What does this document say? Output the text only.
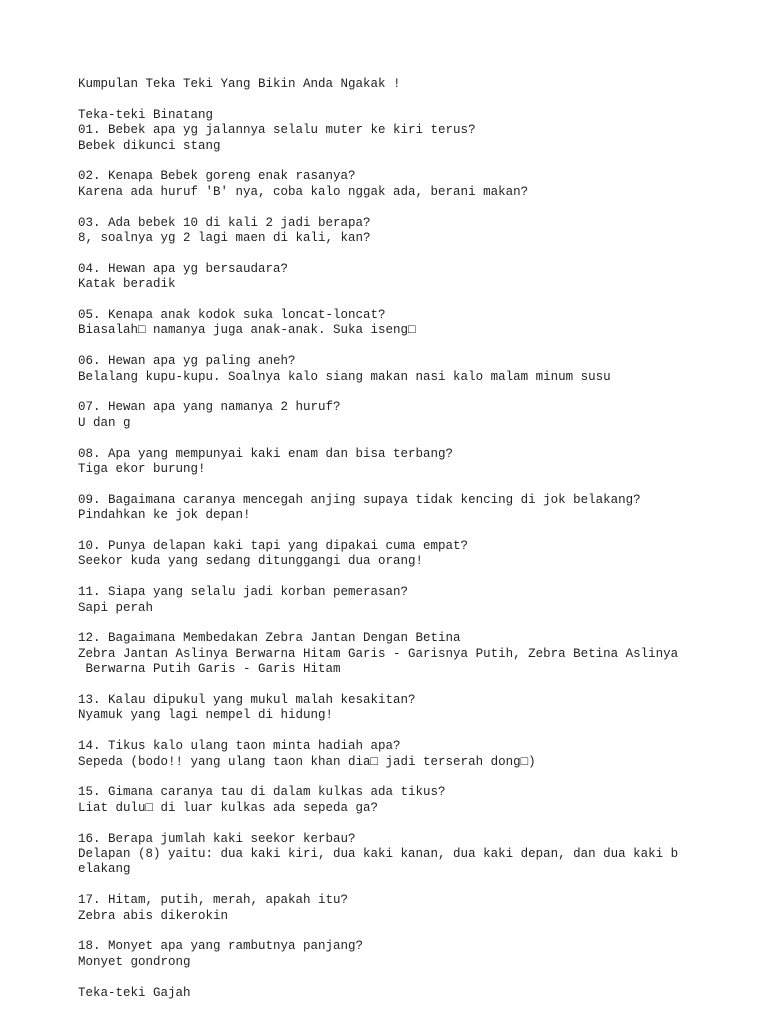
Kumpulan Teka Teki Yang Bikin Anda Ngakak !
Teka-teki Binatang
01. Bebek apa yg jalannya selalu muter ke kiri terus?
Bebek dikunci stang
02. Kenapa Bebek goreng enak rasanya?
Karena ada huruf 'B' nya, coba kalo nggak ada, berani makan?
03. Ada bebek 10 di kali 2 jadi berapa?
8, soalnya yg 2 lagi maen di kali, kan?
04. Hewan apa yg bersaudara?
Katak beradik
05. Kenapa anak kodok suka loncat-loncat?
Biasalah□ namanya juga anak-anak. Suka iseng□
06. Hewan apa yg paling aneh?
Belalang kupu-kupu. Soalnya kalo siang makan nasi kalo malam minum susu
07. Hewan apa yang namanya 2 huruf?
U dan g
08. Apa yang mempunyai kaki enam dan bisa terbang?
Tiga ekor burung!
09. Bagaimana caranya mencegah anjing supaya tidak kencing di jok belakang?
Pindahkan ke jok depan!
10. Punya delapan kaki tapi yang dipakai cuma empat?
Seekor kuda yang sedang ditunggangi dua orang!
11. Siapa yang selalu jadi korban pemerasan?
Sapi perah
12. Bagaimana Membedakan Zebra Jantan Dengan Betina
Zebra Jantan Aslinya Berwarna Hitam Garis - Garisnya Putih, Zebra Betina Aslinya
Berwarna Putih Garis - Garis Hitam
13. Kalau dipukul yang mukul malah kesakitan?
Nyamuk yang lagi nempel di hidung!
14. Tikus kalo ulang taon minta hadiah apa?
Sepeda (bodo!! yang ulang taon khan dia□ jadi terserah dong□)
15. Gimana caranya tau di dalam kulkas ada tikus?
Liat dulu□ di luar kulkas ada sepeda ga?
16. Berapa jumlah kaki seekor kerbau?
Delapan (8) yaitu: dua kaki kiri, dua kaki kanan, dua kaki depan, dan dua kaki b
elakang
17. Hitam, putih, merah, apakah itu?
Zebra abis dikerokin
18. Monyet apa yang rambutnya panjang?
Monyet gondrong
Teka-teki Gajah
